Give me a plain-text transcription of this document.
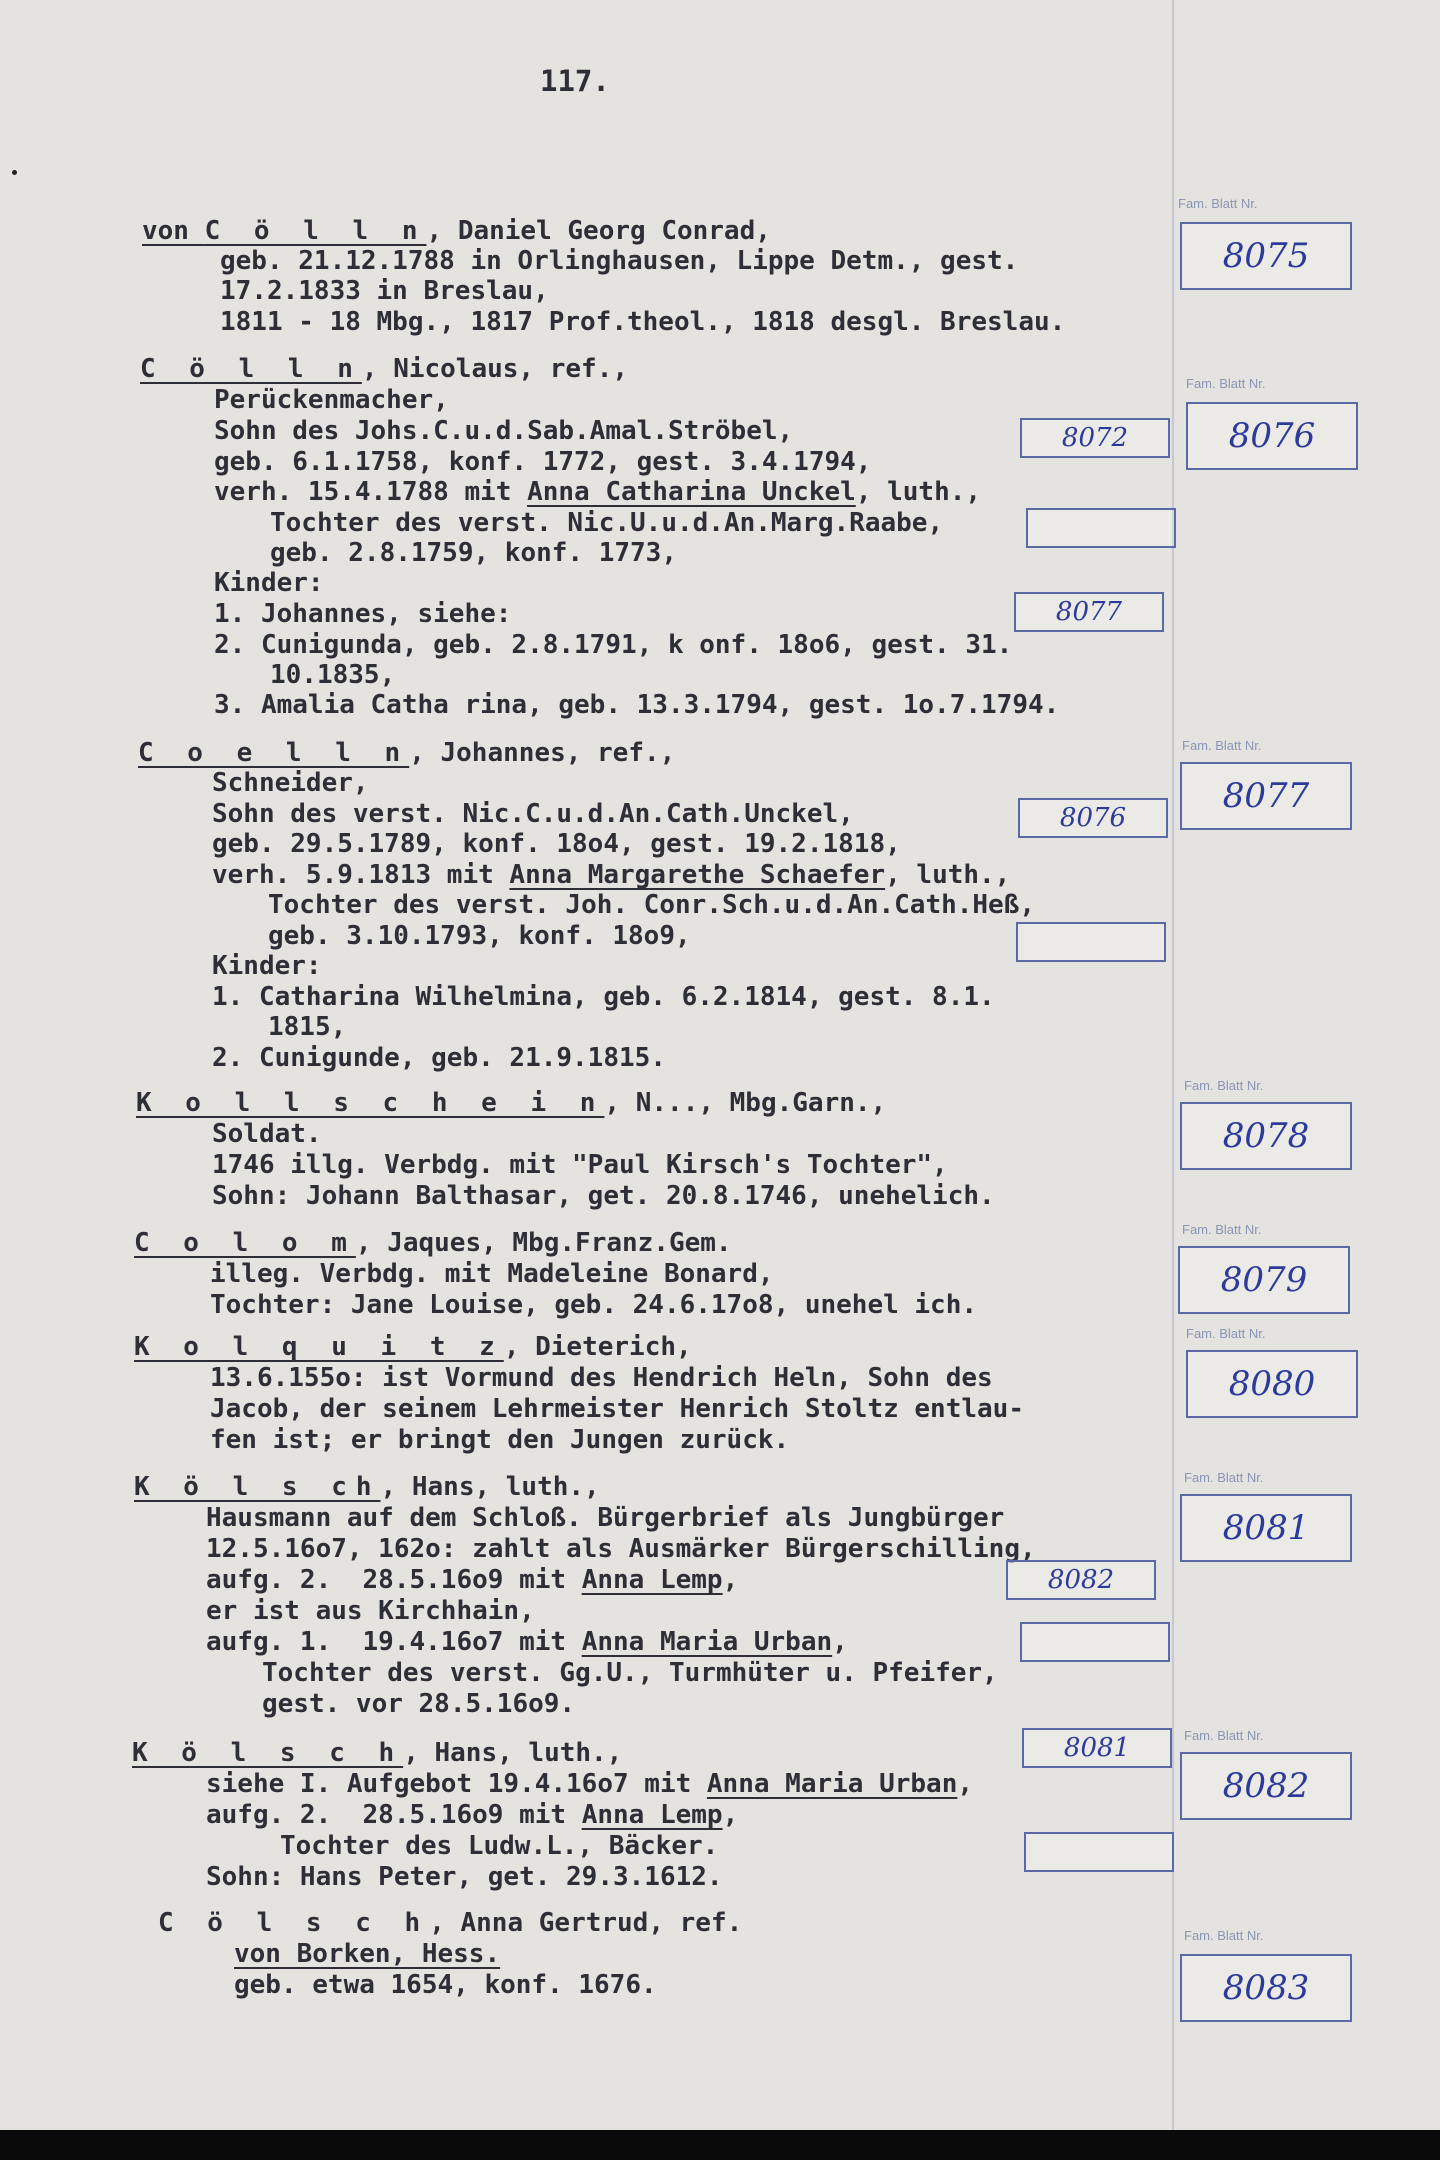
117.
von C ö l l n, Daniel Georg Conrad,
geb. 21.12.1788 in Orlinghausen, Lippe Detm., gest.
17.2.1833 in Breslau,
1811 - 18 Mbg., 1817 Prof.theol., 1818 desgl. Breslau.
Fam. Blatt Nr.
8075
C ö l l n, Nicolaus, ref.,
Perückenmacher,
Sohn des Johs.C.u.d.Sab.Amal.Ströbel,
geb. 6.1.1758, konf. 1772, gest. 3.4.1794,
verh. 15.4.1788 mit Anna Catharina Unckel, luth.,
Tochter des verst. Nic.U.u.d.An.Marg.Raabe,
geb. 2.8.1759, konf. 1773,
Kinder:
1. Johannes, siehe:
2. Cunigunda, geb. 2.8.1791, k onf. 18o6, gest. 31.
10.1835,
3. Amalia Catha rina, geb. 13.3.1794, gest. 1o.7.1794.
8072
8077
Fam. Blatt Nr.
8076
C o e l l n, Johannes, ref.,
Schneider,
Sohn des verst. Nic.C.u.d.An.Cath.Unckel,
geb. 29.5.1789, konf. 18o4, gest. 19.2.1818,
verh. 5.9.1813 mit Anna Margarethe Schaefer, luth.,
Tochter des verst. Joh. Conr.Sch.u.d.An.Cath.Heß,
geb. 3.10.1793, konf. 18o9,
Kinder:
1. Catharina Wilhelmina, geb. 6.2.1814, gest. 8.1.
1815,
2. Cunigunde, geb. 21.9.1815.
8076
Fam. Blatt Nr.
8077
K o l l s c h e i n, N..., Mbg.Garn.,
Soldat.
1746 illg. Verbdg. mit "Paul Kirsch's Tochter",
Sohn: Johann Balthasar, get. 20.8.1746, unehelich.
Fam. Blatt Nr.
8078
C o l o m, Jaques, Mbg.Franz.Gem.
illeg. Verbdg. mit Madeleine Bonard,
Tochter: Jane Louise, geb. 24.6.17o8, unehel ich.
Fam. Blatt Nr.
8079
K o l q u i t z, Dieterich,
13.6.155o: ist Vormund des Hendrich Heln, Sohn des
Jacob, der seinem Lehrmeister Henrich Stoltz entlau-
fen ist; er bringt den Jungen zurück.
Fam. Blatt Nr.
8080
K ö l s ch, Hans, luth.,
Hausmann auf dem Schloß. Bürgerbrief als Jungbürger
12.5.16o7, 162o: zahlt als Ausmärker Bürgerschilling,
aufg. 2.  28.5.16o9 mit Anna Lemp,
er ist aus Kirchhain,
aufg. 1.  19.4.16o7 mit Anna Maria Urban,
Tochter des verst. Gg.U., Turmhüter u. Pfeifer,
gest. vor 28.5.16o9.
8082
Fam. Blatt Nr.
8081
K ö l s c h, Hans, luth.,
siehe I. Aufgebot 19.4.16o7 mit Anna Maria Urban,
aufg. 2.  28.5.16o9 mit Anna Lemp,
Tochter des Ludw.L., Bäcker.
Sohn: Hans Peter, get. 29.3.1612.
8081	Fam. Blatt Nr.
8082
C ö l s c h, Anna Gertrud, ref.
von Borken, Hess.
geb. etwa 1654, konf. 1676.
Fam. Blatt Nr.
8083
